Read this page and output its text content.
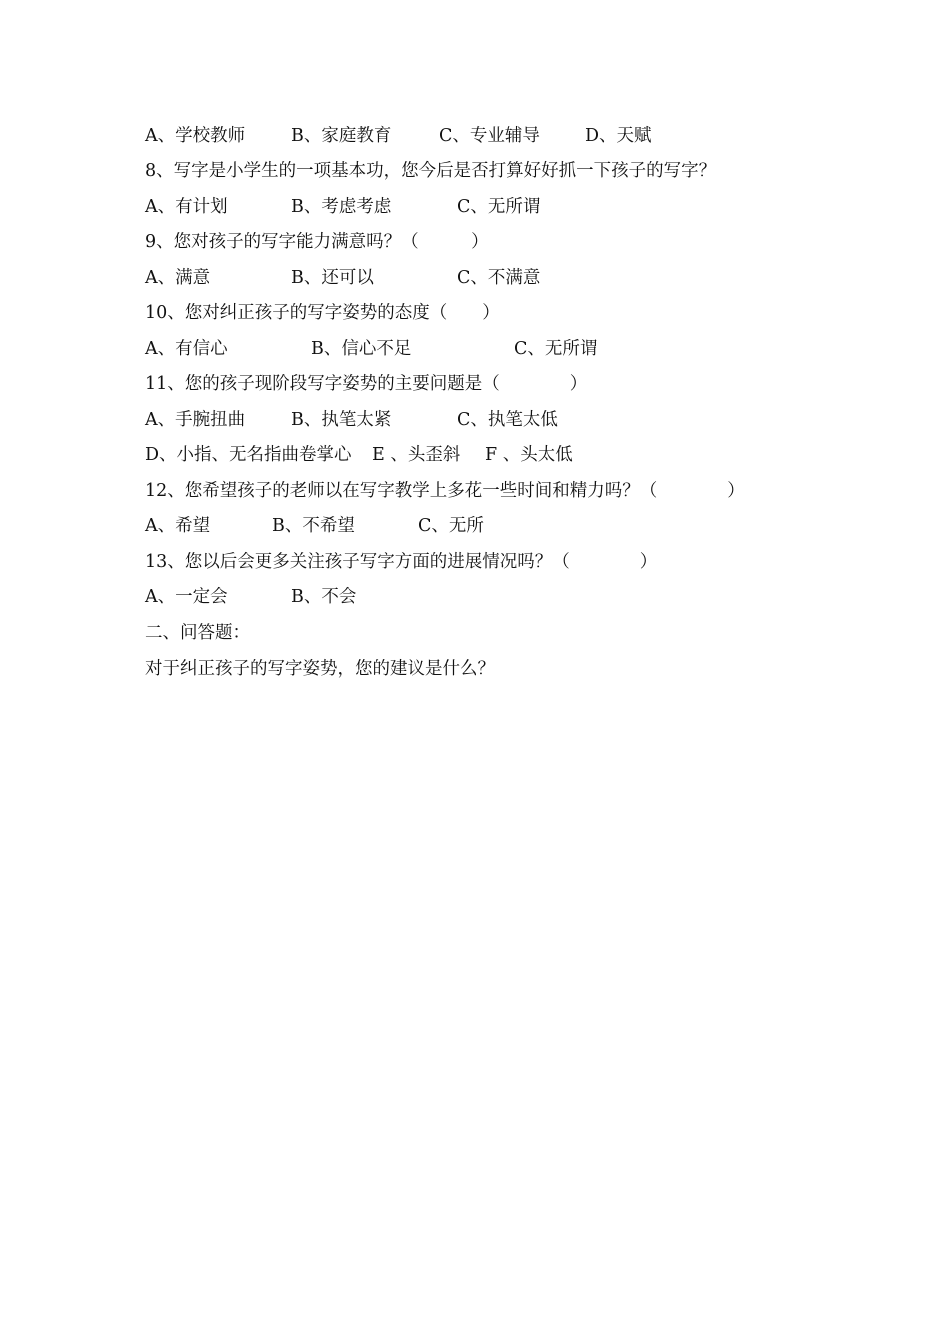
A、学校教师	B、家庭教育	C、专业辅导	D、天赋
8、写字是小学生的一项基本功，您今后是否打算好好抓一下孩子的写字？
A、有计划	B、考虑考虑	C、无所谓
9、您对孩子的写字能力满意吗？（　　　）
A、满意	B、还可以	C、不满意
10、您对纠正孩子的写字姿势的态度（　　）
A、有信心	B、信心不足	C、无所谓
11、您的孩子现阶段写字姿势的主要问题是（　　　　）
A、手腕扭曲	B、执笔太紧	C、执笔太低
D、小指、无名指曲卷掌心 E 、头歪斜 F 、头太低
12、您希望孩子的老师以在写字教学上多花一些时间和精力吗？（　　　　）
A、希望	B、不希望	C、无所
13、您以后会更多关注孩子写字方面的进展情况吗？（　　　　）
A、一定会	B、不会
二、问答题：
对于纠正孩子的写字姿势，您的建议是什么？
